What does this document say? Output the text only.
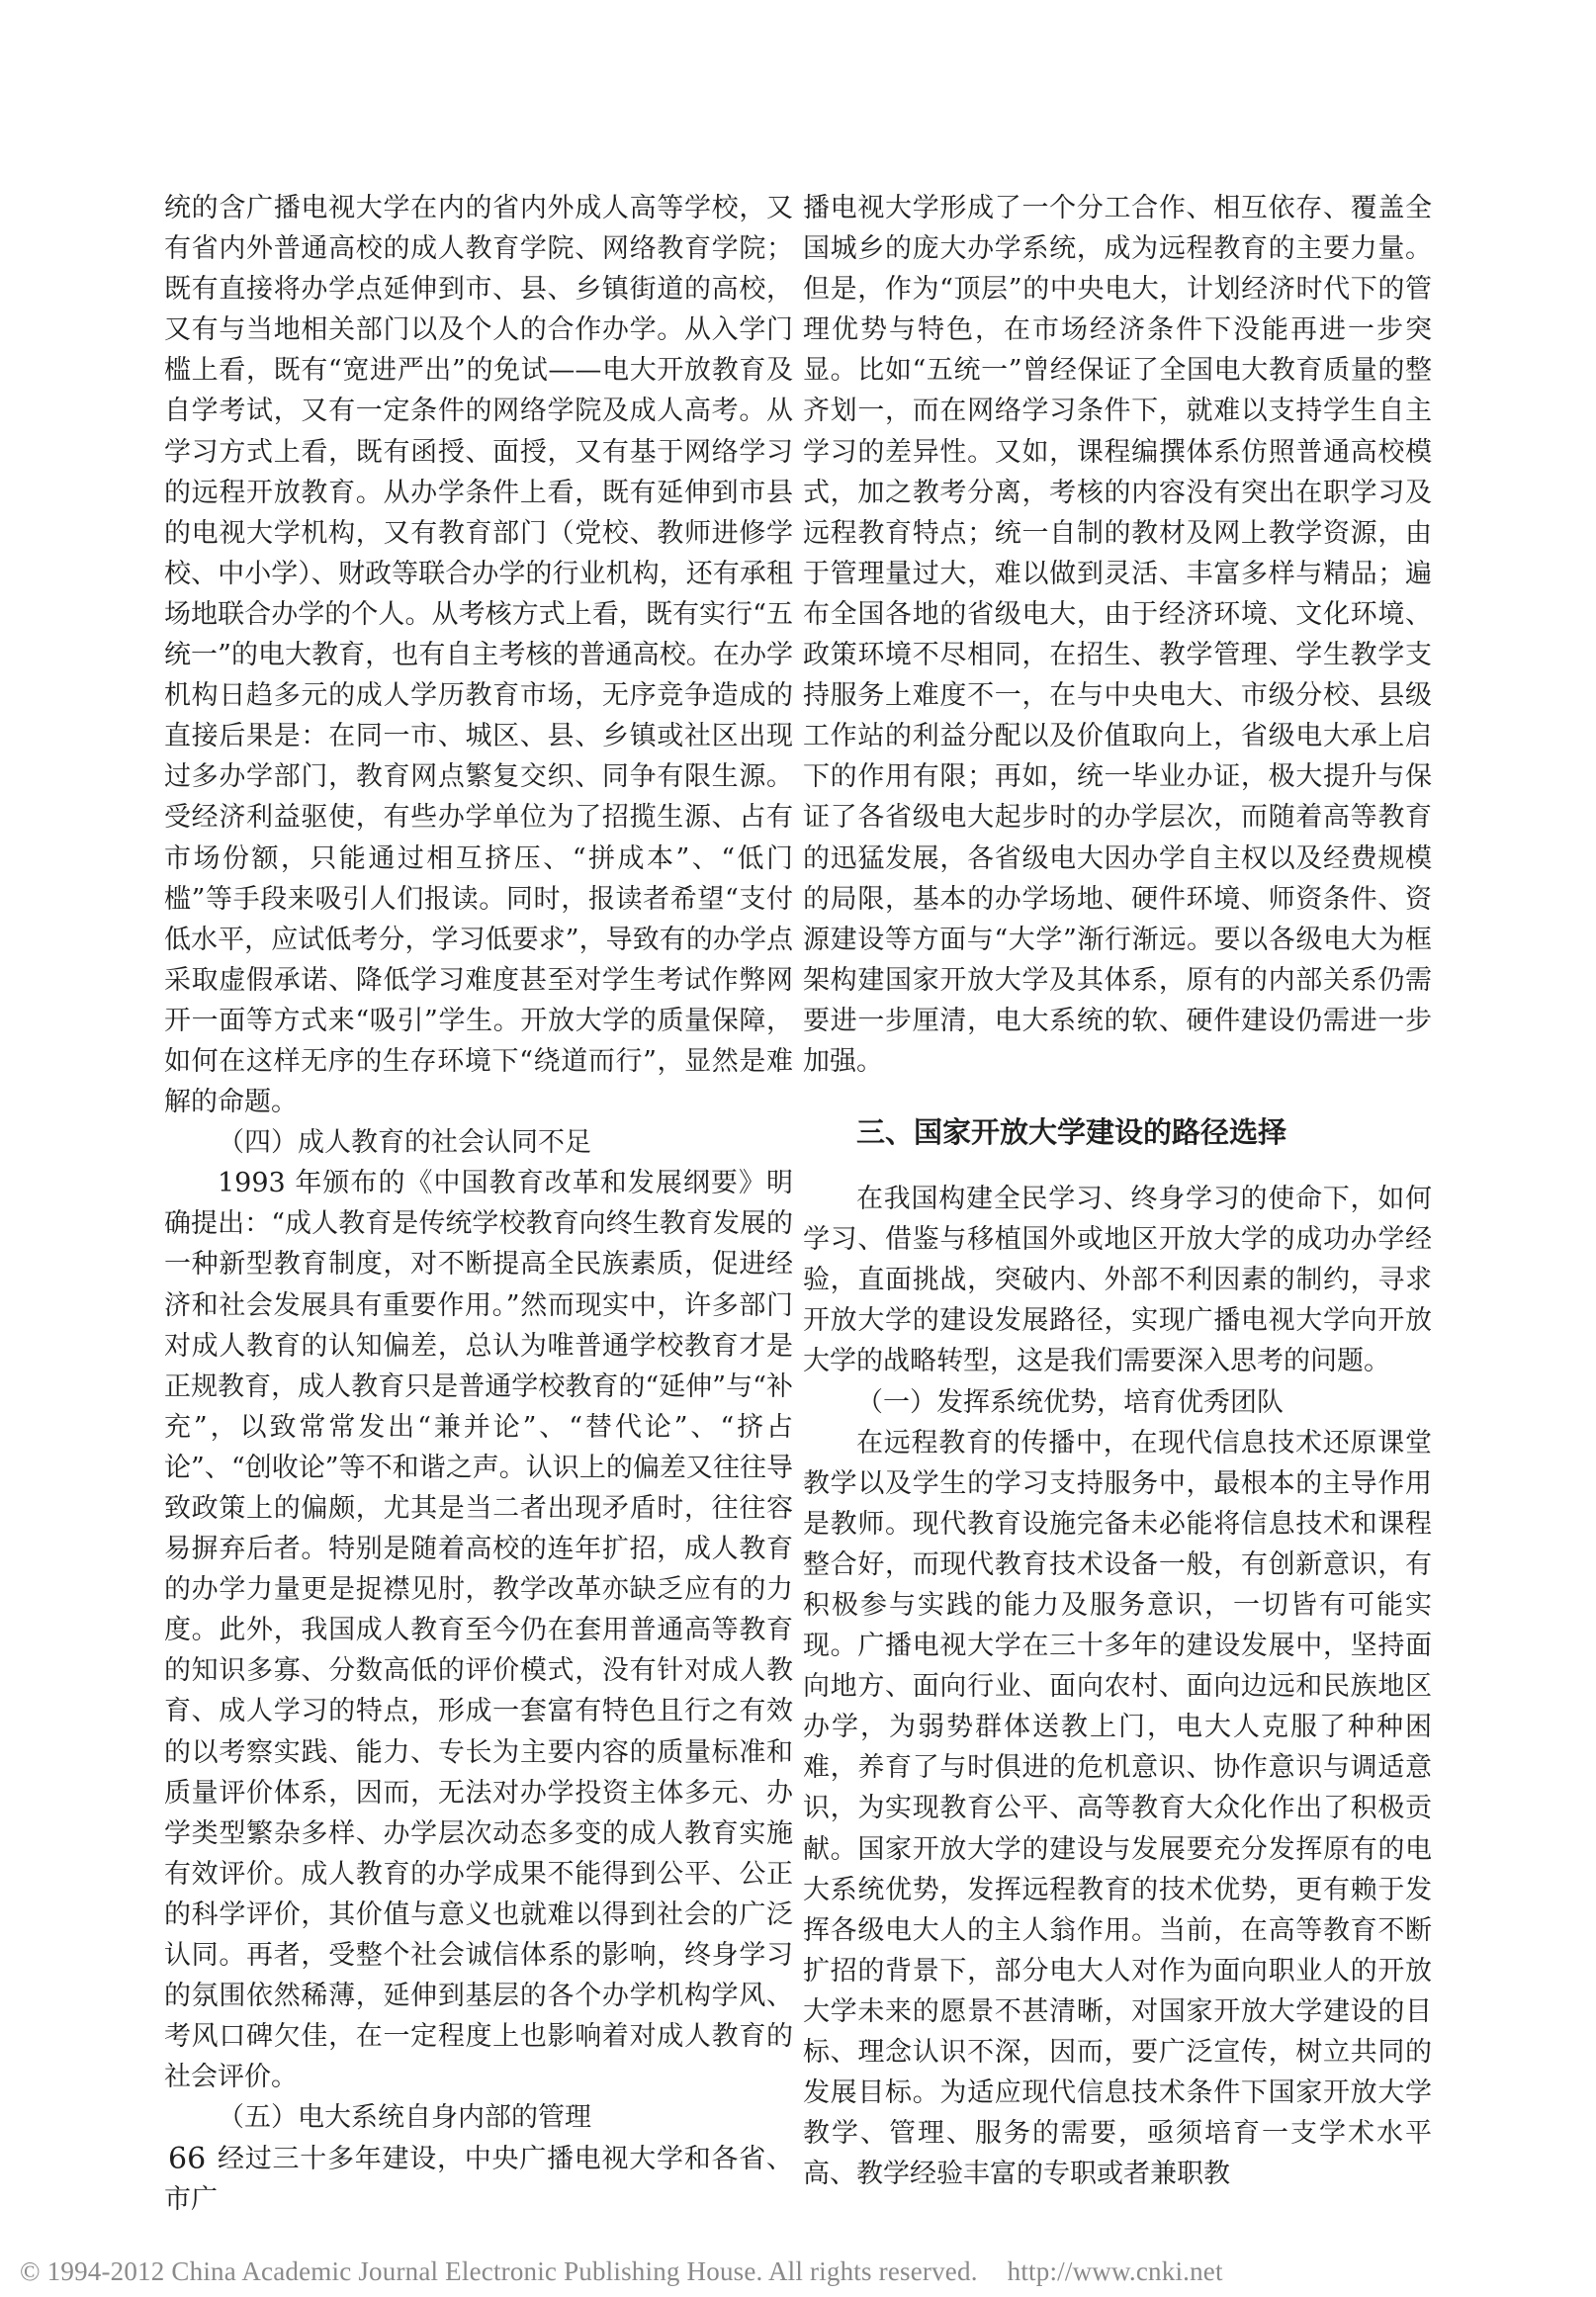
统的含广播电视大学在内的省内外成人高等学校，又有省内外普通高校的成人教育学院、网络教育学院；既有直接将办学点延伸到市、县、乡镇街道的高校，又有与当地相关部门以及个人的合作办学。从入学门槛上看，既有“宽进严出”的免试——电大开放教育及自学考试，又有一定条件的网络学院及成人高考。从学习方式上看，既有函授、面授，又有基于网络学习的远程开放教育。从办学条件上看，既有延伸到市县的电视大学机构，又有教育部门（党校、教师进修学校、中小学）、财政等联合办学的行业机构，还有承租场地联合办学的个人。从考核方式上看，既有实行“五统一”的电大教育，也有自主考核的普通高校。在办学机构日趋多元的成人学历教育市场，无序竞争造成的直接后果是：在同一市、城区、县、乡镇或社区出现过多办学部门，教育网点繁复交织、同争有限生源。受经济利益驱使，有些办学单位为了招揽生源、占有市场份额，只能通过相互挤压、“拼成本”、“低门槛”等手段来吸引人们报读。同时，报读者希望“支付低水平，应试低考分，学习低要求”，导致有的办学点采取虚假承诺、降低学习难度甚至对学生考试作弊网开一面等方式来“吸引”学生。开放大学的质量保障，如何在这样无序的生存环境下“绕道而行”，显然是难解的命题。

（四）成人教育的社会认同不足

1993 年颁布的《中国教育改革和发展纲要》明确提出：“成人教育是传统学校教育向终生教育发展的一种新型教育制度，对不断提高全民族素质，促进经济和社会发展具有重要作用。”然而现实中，许多部门对成人教育的认知偏差，总认为唯普通学校教育才是正规教育，成人教育只是普通学校教育的“延伸”与“补充”，以致常常发出“兼并论”、“替代论”、“挤占论”、“创收论”等不和谐之声。认识上的偏差又往往导致政策上的偏颇，尤其是当二者出现矛盾时，往往容易摒弃后者。特别是随着高校的连年扩招，成人教育的办学力量更是捉襟见肘，教学改革亦缺乏应有的力度。此外，我国成人教育至今仍在套用普通高等教育的知识多寡、分数高低的评价模式，没有针对成人教育、成人学习的特点，形成一套富有特色且行之有效的以考察实践、能力、专长为主要内容的质量标准和质量评价体系，因而，无法对办学投资主体多元、办学类型繁杂多样、办学层次动态多变的成人教育实施有效评价。成人教育的办学成果不能得到公平、公正的科学评价，其价值与意义也就难以得到社会的广泛认同。再者，受整个社会诚信体系的影响，终身学习的氛围依然稀薄，延伸到基层的各个办学机构学风、考风口碑欠佳，在一定程度上也影响着对成人教育的社会评价。

（五）电大系统自身内部的管理

经过三十多年建设，中央广播电视大学和各省、市广

播电视大学形成了一个分工合作、相互依存、覆盖全国城乡的庞大办学系统，成为远程教育的主要力量。但是，作为“顶层”的中央电大，计划经济时代下的管理优势与特色，在市场经济条件下没能再进一步突显。比如“五统一”曾经保证了全国电大教育质量的整齐划一，而在网络学习条件下，就难以支持学生自主学习的差异性。又如，课程编撰体系仿照普通高校模式，加之教考分离，考核的内容没有突出在职学习及远程教育特点；统一自制的教材及网上教学资源，由于管理量过大，难以做到灵活、丰富多样与精品；遍布全国各地的省级电大，由于经济环境、文化环境、政策环境不尽相同，在招生、教学管理、学生教学支持服务上难度不一，在与中央电大、市级分校、县级工作站的利益分配以及价值取向上，省级电大承上启下的作用有限；再如，统一毕业办证，极大提升与保证了各省级电大起步时的办学层次，而随着高等教育的迅猛发展，各省级电大因办学自主权以及经费规模的局限，基本的办学场地、硬件环境、师资条件、资源建设等方面与“大学”渐行渐远。要以各级电大为框架构建国家开放大学及其体系，原有的内部关系仍需要进一步厘清，电大系统的软、硬件建设仍需进一步加强。

三、国家开放大学建设的路径选择

在我国构建全民学习、终身学习的使命下，如何学习、借鉴与移植国外或地区开放大学的成功办学经验，直面挑战，突破内、外部不利因素的制约，寻求开放大学的建设发展路径，实现广播电视大学向开放大学的战略转型，这是我们需要深入思考的问题。

（一）发挥系统优势，培育优秀团队

在远程教育的传播中，在现代信息技术还原课堂教学以及学生的学习支持服务中，最根本的主导作用是教师。现代教育设施完备未必能将信息技术和课程整合好，而现代教育技术设备一般，有创新意识，有积极参与实践的能力及服务意识，一切皆有可能实现。广播电视大学在三十多年的建设发展中，坚持面向地方、面向行业、面向农村、面向边远和民族地区办学，为弱势群体送教上门，电大人克服了种种困难，养育了与时俱进的危机意识、协作意识与调适意识，为实现教育公平、高等教育大众化作出了积极贡献。国家开放大学的建设与发展要充分发挥原有的电大系统优势，发挥远程教育的技术优势，更有赖于发挥各级电大人的主人翁作用。当前，在高等教育不断扩招的背景下，部分电大人对作为面向职业人的开放大学未来的愿景不甚清晰，对国家开放大学建设的目标、理念认识不深，因而，要广泛宣传，树立共同的发展目标。为适应现代信息技术条件下国家开放大学教学、管理、服务的需要，亟须培育一支学术水平高、教学经验丰富的专职或者兼职教

66

© 1994-2012 China Academic Journal Electronic Publishing House. All rights reserved. http://www.cnki.net
